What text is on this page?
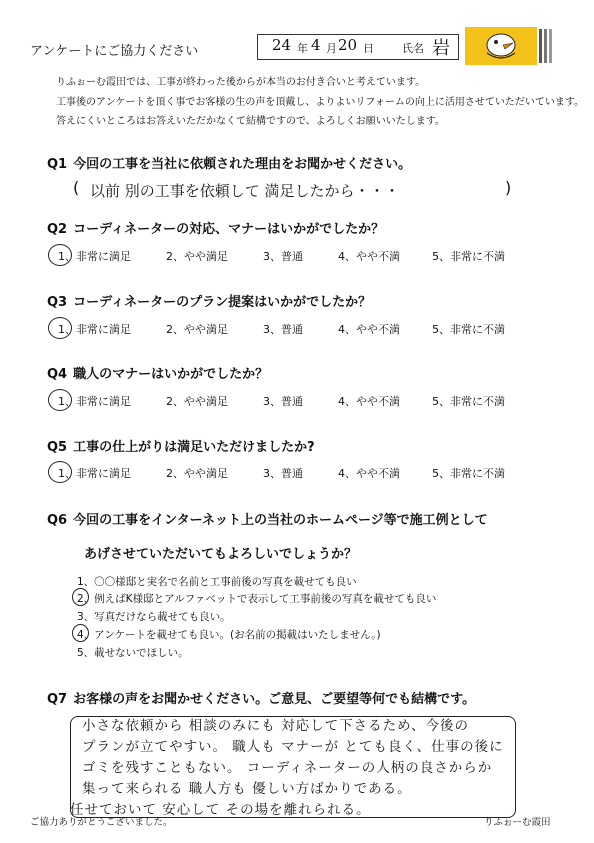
アンケートにご協力ください	24 年 4 月 20 日	氏名 岩
りふぉーむ霞田では、工事が終わった後からが本当のお付き合いと考えています。
工事後のアンケートを頂く事でお客様の生の声を頂戴し、よりよいリフォームの向上に活用させていただいています。
答えにくいところはお答えいただかなくて結構ですので、よろしくお願いいたします。
Q1 今回の工事を当社に依頼された理由をお聞かせください。
( 以前 別の工事を依頼して 満足したから・・・	)
Q2 コーディネーターの対応、マナーはいかがでしたか？
1、非常に満足	2、やや満足	3、普通	4、やや不満	5、非常に不満
Q3 コーディネーターのプラン提案はいかがでしたか？
1、非常に満足	2、やや満足	3、普通	4、やや不満	5、非常に不満
Q4 職人のマナーはいかがでしたか？
1、非常に満足	2、やや満足	3、普通	4、やや不満	5、非常に不満
Q5 工事の仕上がりは満足いただけましたか?
1、非常に満足	2、やや満足	3、普通	4、やや不満	5、非常に不満
Q6 今回の工事をインターネット上の当社のホームページ等で施工例として
あげさせていただいてもよろしいでしょうか？
1、〇〇様邸と実名で名前と工事前後の写真を載せても良い
2、例えばK様邸とアルファベットで表示して工事前後の写真を載せても良い
3、写真だけなら載せても良い。
4、アンケートを載せても良い。(お名前の掲載はいたしません。)
5、載せないでほしい。
Q7 お客様の声をお聞かせください。ご意見、ご要望等何でも結構です。
小さな依頼から 相談のみにも 対応して下さるため、今後の
プランが立てやすい。 職人も マナーが とても良く、仕事の後に
ゴミを残すこともない。 コーディネーターの人柄の良さからか
集って来られる 職人方も 優しい方ばかりである。
任せておいて 安心して その場を離れられる。
ご協力ありがとうございました。	りふぉーむ霞田
